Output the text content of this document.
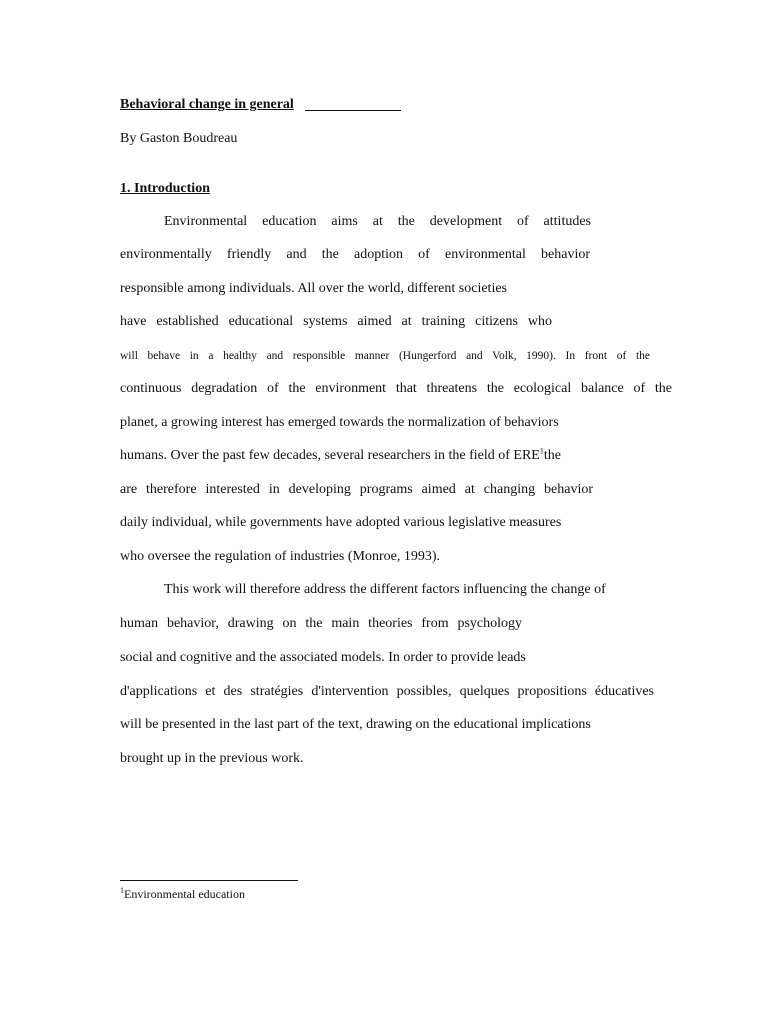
Behavioral change in general
By Gaston Boudreau
1. Introduction
Environmental education aims at the development of attitudes
environmentally friendly and the adoption of environmental behavior
responsible among individuals. All over the world, different societies
have established educational systems aimed at training citizens who
will behave in a healthy and responsible manner (Hungerford and Volk, 1990). In front of the
continuous degradation of the environment that threatens the ecological balance of the
planet, a growing interest has emerged towards the normalization of behaviors
humans. Over the past few decades, several researchers in the field of ERE$^1$the
are therefore interested in developing programs aimed at changing behavior
daily individual, while governments have adopted various legislative measures
who oversee the regulation of industries (Monroe, 1993).
This work will therefore address the different factors influencing the change of
human behavior, drawing on the main theories from psychology
social and cognitive and the associated models. In order to provide leads
d'applications et des stratégies d'intervention possibles, quelques propositions éducatives
will be presented in the last part of the text, drawing on the educational implications
brought up in the previous work.
$^1$Environmental education
